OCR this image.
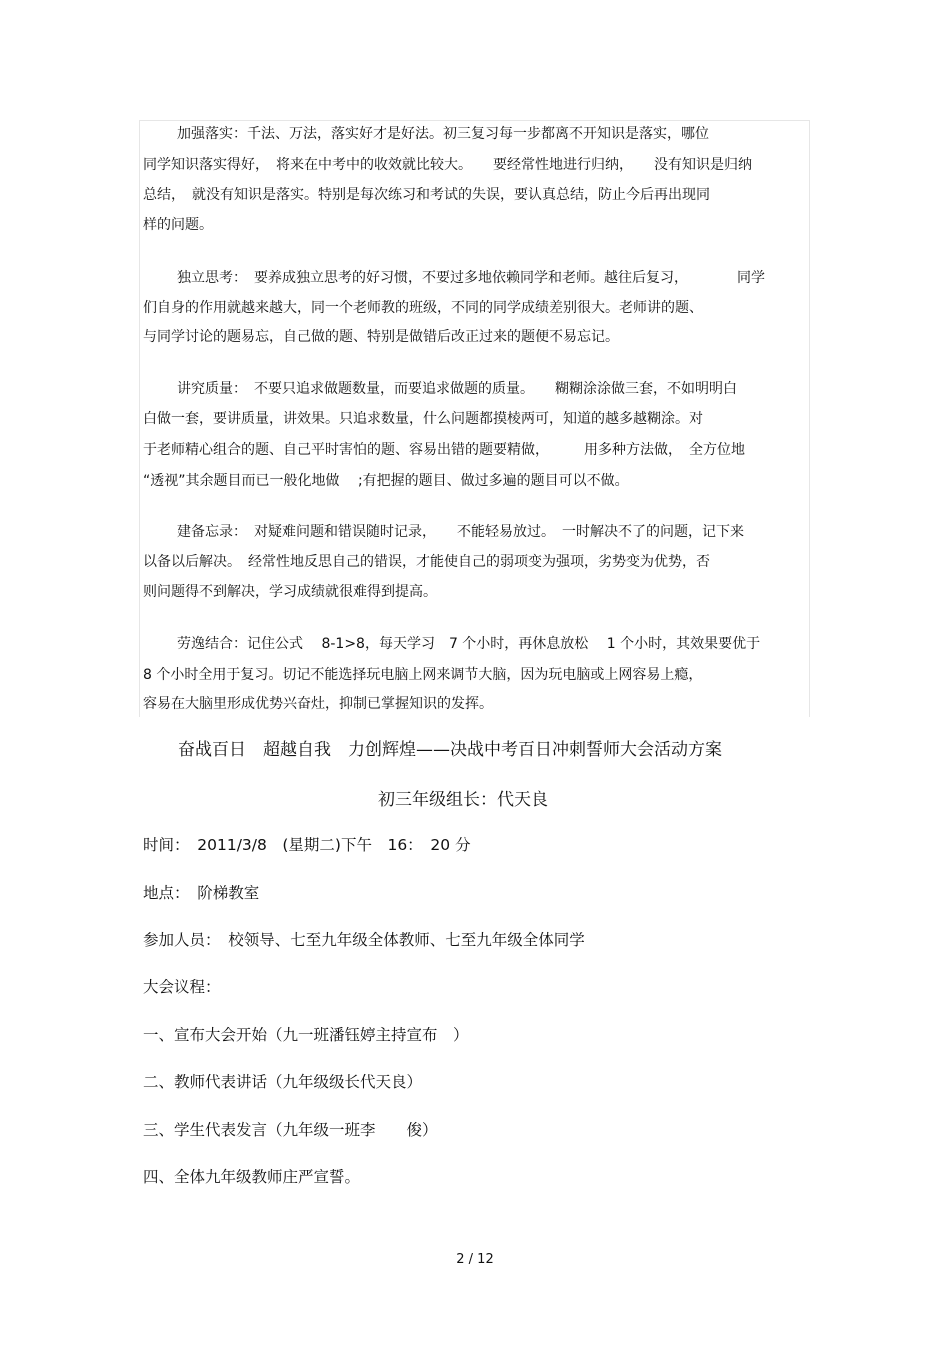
加强落实：千法、万法，落实好才是好法。初三复习每一步都离不开知识是落实，哪位
同学知识落实得好，　将来在中考中的收效就比较大。　　要经常性地进行归纳，　　没有知识是归纳
总结，　就没有知识是落实。特别是每次练习和考试的失误，要认真总结，防止今后再出现同
样的问题。
独立思考：　要养成独立思考的好习惯，不要过多地依赖同学和老师。越往后复习，　　　　同学
们自身的作用就越来越大，同一个老师教的班级，不同的同学成绩差别很大。老师讲的题、
与同学讨论的题易忘，自己做的题、特别是做错后改正过来的题便不易忘记。
讲究质量：　不要只追求做题数量，而要追求做题的质量。　　糊糊涂涂做三套，不如明明白
白做一套，要讲质量，讲效果。只追求数量，什么问题都摸棱两可，知道的越多越糊涂。对
于老师精心组合的题、自己平时害怕的题、容易出错的题要精做，　　　用多种方法做，　全方位地
“透视”其余题目而已一般化地做　 ;有把握的题目、做过多遍的题目可以不做。
建备忘录：　对疑难问题和错误随时记录，　　不能轻易放过。　一时解决不了的问题，记下来
以备以后解决。　经常性地反思自己的错误，才能使自己的弱项变为强项，劣势变为优势，否
则问题得不到解决，学习成绩就很难得到提高。
劳逸结合：记住公式　 8-1>8，每天学习　7 个小时，再休息放松　 1 个小时，其效果要优于
8 个小时全用于复习。切记不能选择玩电脑上网来调节大脑，因为玩电脑或上网容易上瘾，
容易在大脑里形成优势兴奋灶，抑制已掌握知识的发挥。
奋战百日　超越自我　力创辉煌——决战中考百日冲刺誓师大会活动方案
初三年级组长：代天良
时间：　2011/3/8　(星期二)下午　16：　20 分
地点：　阶梯教室
参加人员：　校领导、七至九年级全体教师、七至九年级全体同学
大会议程：
一、宣布大会开始（九一班潘钰婷主持宣布　）
二、教师代表讲话（九年级级长代天良）
三、学生代表发言（九年级一班李　　俊）
四、全体九年级教师庄严宣誓。
2 / 12
